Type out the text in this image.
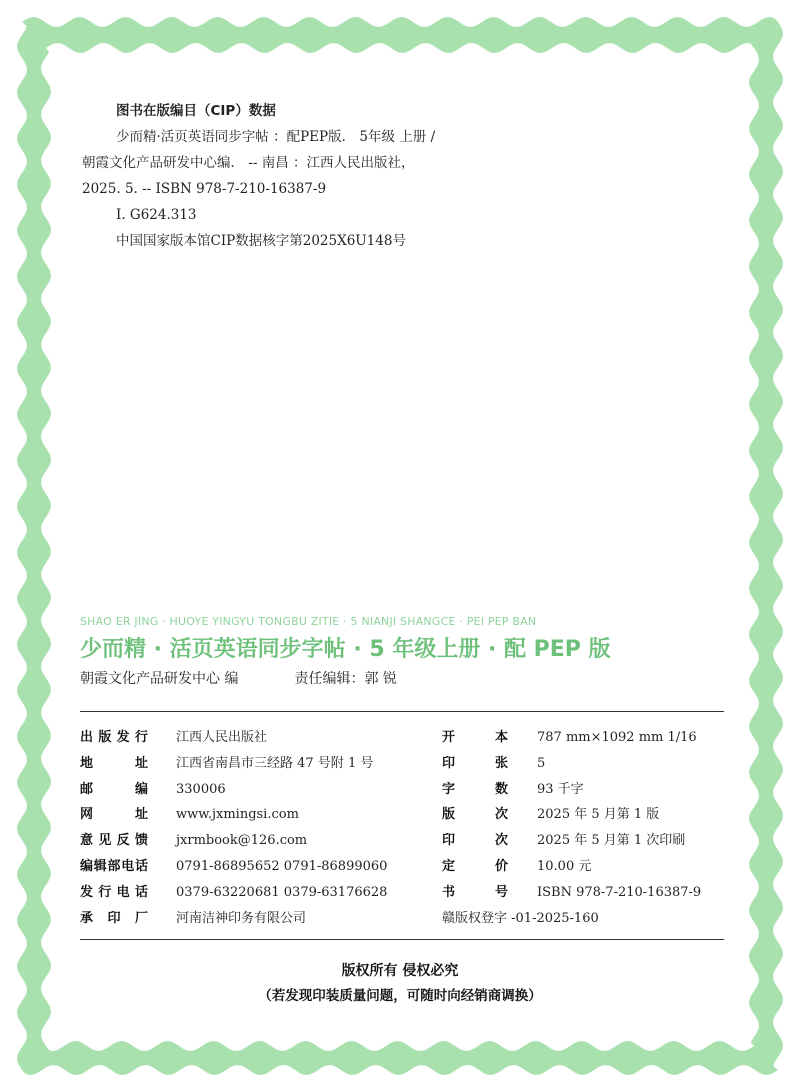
图书在版编目（CIP）数据
少而精·活页英语同步字帖 ：配PEP版． 5年级 上册 /
朝霞文化产品研发中心编． -- 南昌 ：江西人民出版社，
2025. 5. -- ISBN 978-7-210-16387-9
Ⅰ. G624.313
中国国家版本馆CIP数据核字第2025X6U148号
SHAO ER JING · HUOYE YINGYU TONGBU ZITIE · 5 NIANJI SHANGCE · PEI PEP BAN
少而精 · 活页英语同步字帖 · 5 年级上册 · 配 PEP 版
朝霞文化产品研发中心 编	责任编辑：郭 锐
出 版 发 行 江西人民出版社	开	本 787 mm×1092 mm 1/16
地	址 江西省南昌市三经路 47 号附 1 号	印	张 5
邮	编 330006	字	数 93 千字
网	址 www.jxmingsi.com	版	次 2025 年 5 月第 1 版
意 见 反 馈 jxrmbook@126.com	印	次 2025 年 5 月第 1 次印刷
编 辑 部 电 话 0791-86895652 0791-86899060	定	价 10.00 元
发 行 电 话 0379-63220681 0379-63176628	书	号 ISBN 978-7-210-16387-9
承 印 厂 河南洁神印务有限公司	赣版权登字 -01-2025-160
版权所有 侵权必究
（若发现印装质量问题，可随时向经销商调换）
